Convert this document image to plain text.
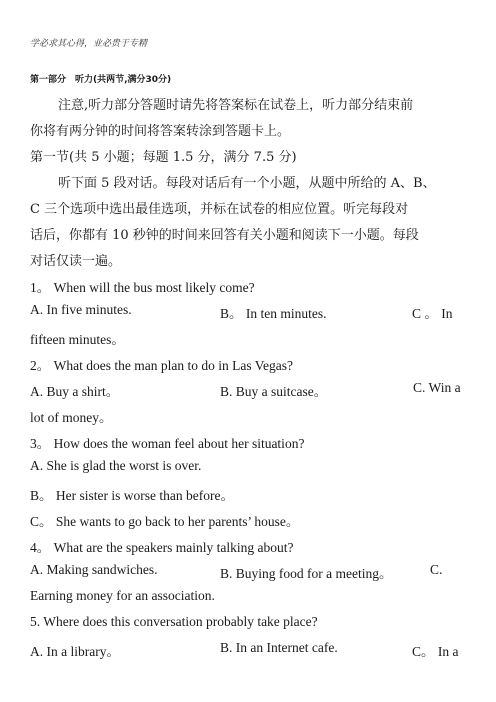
学必求其心得，业必贵于专精
第一部分　听力(共两节,满分30分)
注意,听力部分答题时请先将答案标在试卷上，听力部分结束前
你将有两分钟的时间将答案转涂到答题卡上。
第一节(共 5 小题；每题 1.5 分，满分 7.5 分)
听下面 5 段对话。每段对话后有一个小题，从题中所给的 A、B、
C 三个选项中选出最佳选项，并标在试卷的相应位置。听完每段对
话后，你都有 10 秒钟的时间来回答有关小题和阅读下一小题。每段
对话仅读一遍。
1。 When will the bus most likely come?
A. In five minutes.	B。 In ten minutes.	C 。 In
fifteen minutes。
2。 What does the man plan to do in Las Vegas?
A. Buy a shirt。	B. Buy a suitcase。	C. Win a
lot of money。
3。 How does the woman feel about her situation?
A. She is glad the worst is over.
B。 Her sister is worse than before。
C。 She wants to go back to her parents’ house。
4。 What are the speakers mainly talking about?
A. Making sandwiches.	B. Buying food for a meeting。	C.
Earning money for an association.
5. Where does this conversation probably take place?
A. In a library。	B. In an Internet cafe.	C。 In a
